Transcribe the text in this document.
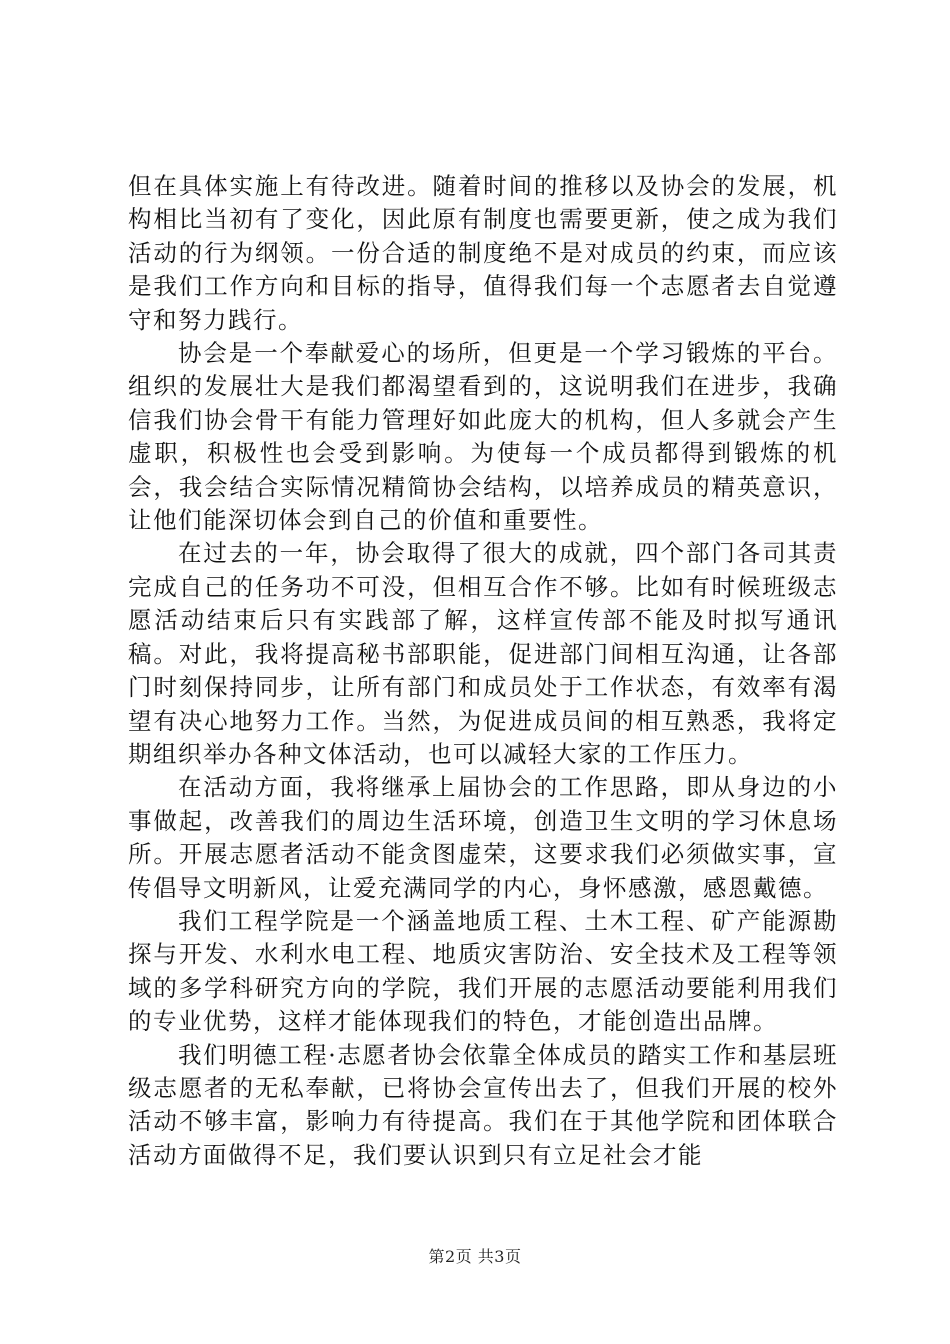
但在具体实施上有待改进。随着时间的推移以及协会的发展，机构相比当初有了变化，因此原有制度也需要更新，使之成为我们活动的行为纲领。一份合适的制度绝不是对成员的约束，而应该是我们工作方向和目标的指导，值得我们每一个志愿者去自觉遵守和努力践行。

协会是一个奉献爱心的场所，但更是一个学习锻炼的平台。组织的发展壮大是我们都渴望看到的，这说明我们在进步，我确信我们协会骨干有能力管理好如此庞大的机构，但人多就会产生虚职，积极性也会受到影响。为使每一个成员都得到锻炼的机会，我会结合实际情况精简协会结构，以培养成员的精英意识，让他们能深切体会到自己的价值和重要性。

在过去的一年，协会取得了很大的成就，四个部门各司其责完成自己的任务功不可没，但相互合作不够。比如有时候班级志愿活动结束后只有实践部了解，这样宣传部不能及时拟写通讯稿。对此，我将提高秘书部职能，促进部门间相互沟通，让各部门时刻保持同步，让所有部门和成员处于工作状态，有效率有渴望有决心地努力工作。当然，为促进成员间的相互熟悉，我将定期组织举办各种文体活动，也可以减轻大家的工作压力。

在活动方面，我将继承上届协会的工作思路，即从身边的小事做起，改善我们的周边生活环境，创造卫生文明的学习休息场所。开展志愿者活动不能贪图虚荣，这要求我们必须做实事，宣传倡导文明新风，让爱充满同学的内心，身怀感激，感恩戴德。

我们工程学院是一个涵盖地质工程、土木工程、矿产能源勘探与开发、水利水电工程、地质灾害防治、安全技术及工程等领域的多学科研究方向的学院，我们开展的志愿活动要能利用我们的专业优势，这样才能体现我们的特色，才能创造出品牌。

我们明德工程·志愿者协会依靠全体成员的踏实工作和基层班级志愿者的无私奉献，已将协会宣传出去了，但我们开展的校外活动不够丰富，影响力有待提高。我们在于其他学院和团体联合活动方面做得不足，我们要认识到只有立足社会才能

第2页 共3页
